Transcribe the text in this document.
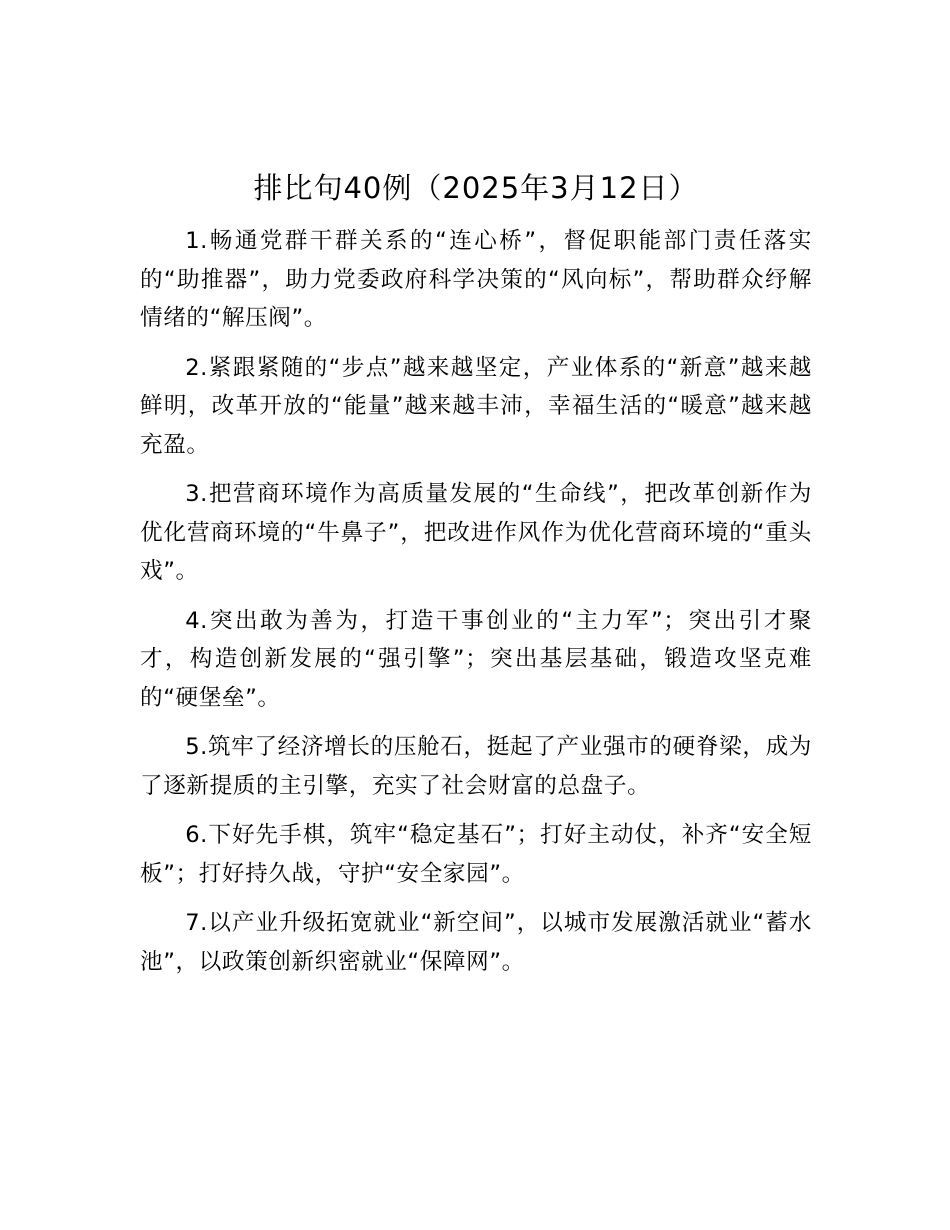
排比句40例（2025年3月12日）

1.畅通党群干群关系的“连心桥”，督促职能部门责任落实的“助推器”，助力党委政府科学决策的“风向标”，帮助群众纾解情绪的“解压阀”。

2.紧跟紧随的“步点”越来越坚定，产业体系的“新意”越来越鲜明，改革开放的“能量”越来越丰沛，幸福生活的“暖意”越来越充盈。

3.把营商环境作为高质量发展的“生命线”，把改革创新作为优化营商环境的“牛鼻子”，把改进作风作为优化营商环境的“重头戏”。

4.突出敢为善为，打造干事创业的“主力军”；突出引才聚才，构造创新发展的“强引擎”；突出基层基础，锻造攻坚克难的“硬堡垒”。

5.筑牢了经济增长的压舱石，挺起了产业强市的硬脊梁，成为了逐新提质的主引擎，充实了社会财富的总盘子。

6.下好先手棋，筑牢“稳定基石”；打好主动仗，补齐“安全短板”；打好持久战，守护“安全家园”。

7.以产业升级拓宽就业“新空间”，以城市发展激活就业“蓄水池”，以政策创新织密就业“保障网”。
